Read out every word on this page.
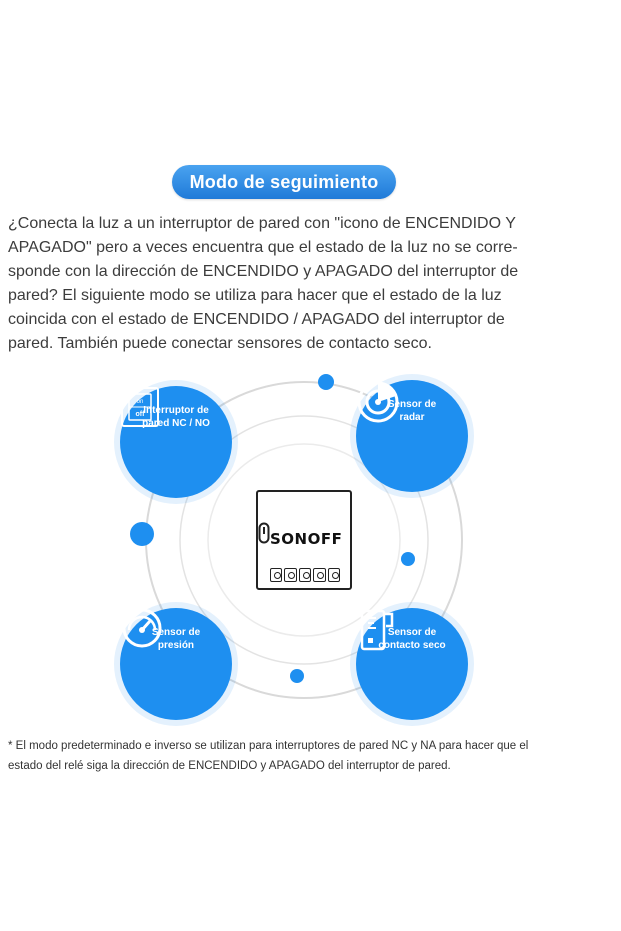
Modo de seguimiento

¿Conecta la luz a un interruptor de pared con "icono de ENCENDIDO Y
APAGADO" pero a veces encuentra que el estado de la luz no se corre-
sponde con la dirección de ENCENDIDO y APAGADO del interruptor de
pared? El siguiente modo se utiliza para hacer que el estado de la luz
coincida con el estado de ENCENDIDO / APAGADO del interruptor de
pared. También puede conectar sensores de contacto seco.

on
off
Interruptor de
pared NC / NO
Sensor de
radar
Sensor de
presión
Sensor de
contacto seco
SONOFF

* El modo predeterminado e inverso se utilizan para interruptores de pared NC y NA para hacer que el
estado del relé siga la dirección de ENCENDIDO y APAGADO del interruptor de pared.
